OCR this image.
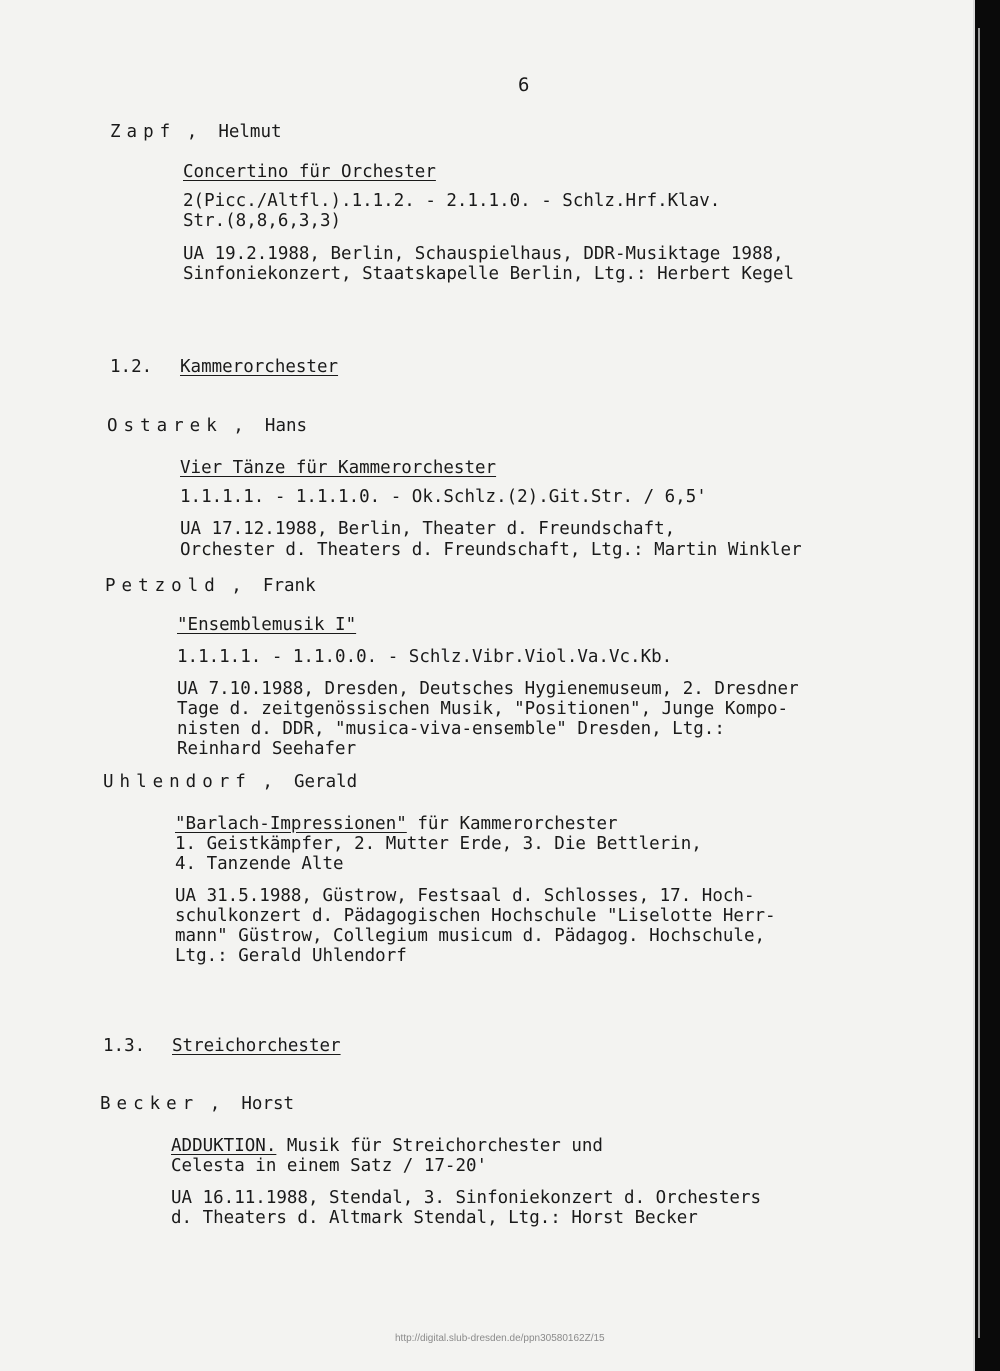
6
Zapf ,  Helmut
Concertino für Orchester
2(Picc./Altfl.).1.1.2. - 2.1.1.0. - Schlz.Hrf.Klav.
Str.(8,8,6,3,3)
UA 19.2.1988, Berlin, Schauspielhaus, DDR-Musiktage 1988,
Sinfoniekonzert, Staatskapelle Berlin, Ltg.: Herbert Kegel
1.2. Kammerorchester
Ostarek ,  Hans
Vier Tänze für Kammerorchester
1.1.1.1. - 1.1.1.0. - Ok.Schlz.(2).Git.Str. / 6,5'
UA 17.12.1988, Berlin, Theater d. Freundschaft,
Orchester d. Theaters d. Freundschaft, Ltg.: Martin Winkler
Petzold ,  Frank
"Ensemblemusik I"
1.1.1.1. - 1.1.0.0. - Schlz.Vibr.Viol.Va.Vc.Kb.
UA 7.10.1988, Dresden, Deutsches Hygienemuseum, 2. Dresdner
Tage d. zeitgenössischen Musik, "Positionen", Junge Kompo-
nisten d. DDR, "musica-viva-ensemble" Dresden, Ltg.:
Reinhard Seehafer
Uhlendorf ,  Gerald
"Barlach-Impressionen" für Kammerorchester
1. Geistkämpfer, 2. Mutter Erde, 3. Die Bettlerin,
4. Tanzende Alte
UA 31.5.1988, Güstrow, Festsaal d. Schlosses, 17. Hoch-
schulkonzert d. Pädagogischen Hochschule "Liselotte Herr-
mann" Güstrow, Collegium musicum d. Pädagog. Hochschule,
Ltg.: Gerald Uhlendorf
1.3. Streichorchester
Becker ,  Horst
ADDUKTION. Musik für Streichorchester und
Celesta in einem Satz / 17-20'
UA 16.11.1988, Stendal, 3. Sinfoniekonzert d. Orchesters
d. Theaters d. Altmark Stendal, Ltg.: Horst Becker
http://digital.slub-dresden.de/ppn30580162Z/15
